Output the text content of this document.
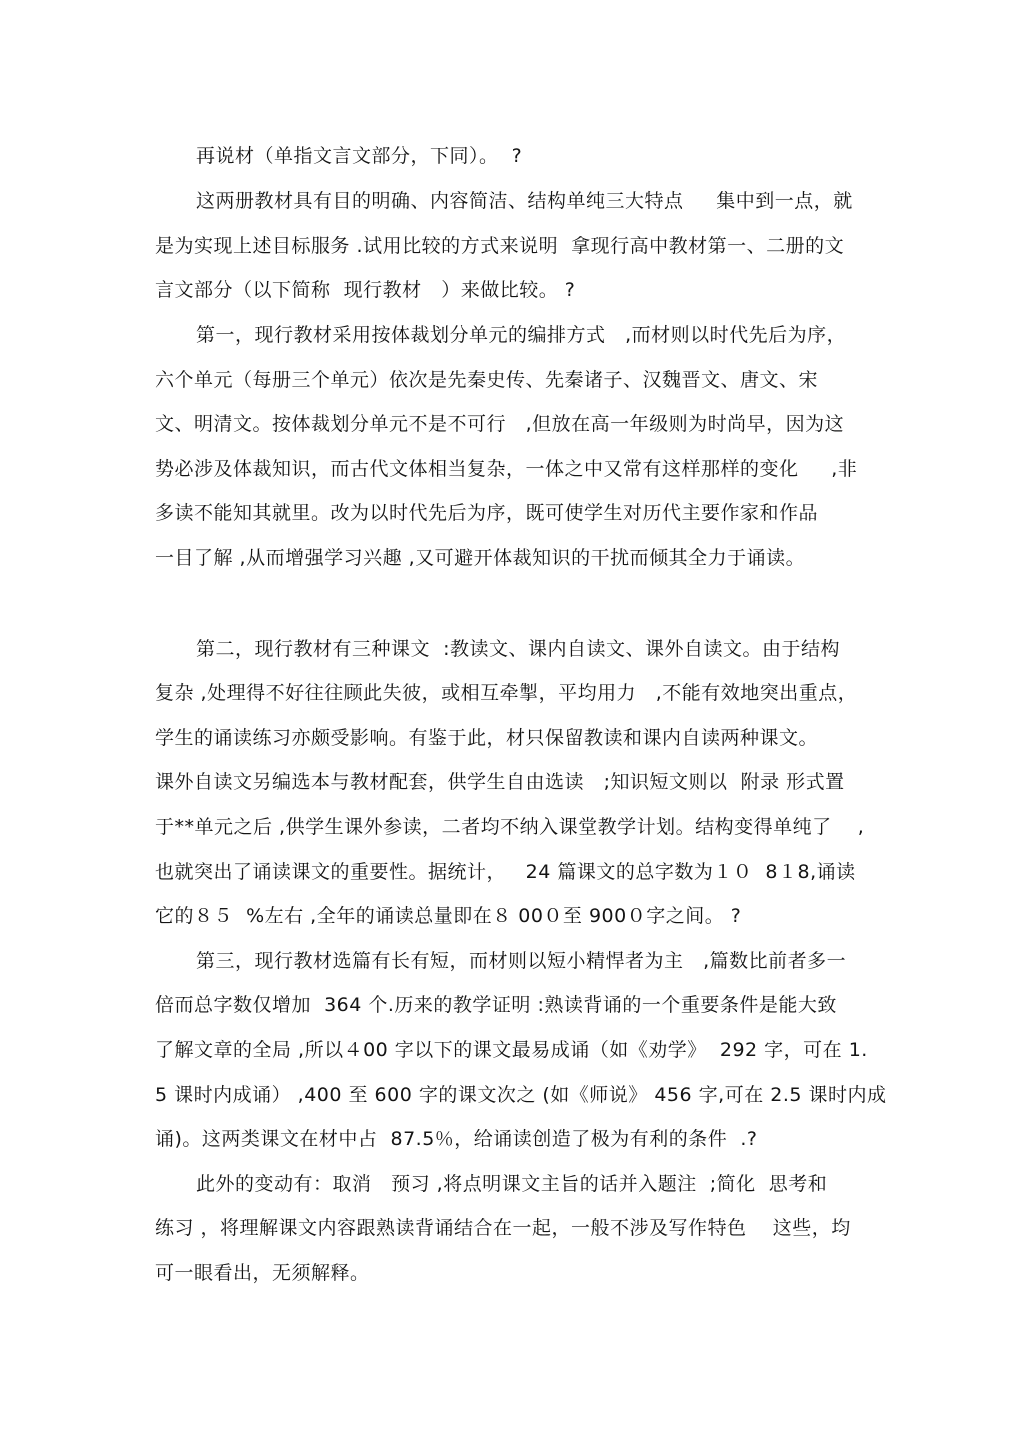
再说材（单指文言文部分，下同）。  ?
这两册教材具有目的明确、内容简洁、结构单纯三大特点     集中到一点，就
是为实现上述目标服务 .试用比较的方式来说明  拿现行高中教材第一、二册的文
言文部分（以下简称  现行教材   ）来做比较。 ?
第一，现行教材采用按体裁划分单元的编排方式   ,而材则以时代先后为序，
六个单元（每册三个单元）依次是先秦史传、先秦诸子、汉魏晋文、唐文、宋
文、明清文。按体裁划分单元不是不可行   ,但放在高一年级则为时尚早，因为这
势必涉及体裁知识，而古代文体相当复杂，一体之中又常有这样那样的变化     ,非
多读不能知其就里。改为以时代先后为序，既可使学生对历代主要作家和作品
一目了解 ,从而增强学习兴趣 ,又可避开体裁知识的干扰而倾其全力于诵读。
第二，现行教材有三种课文  :教读文、课内自读文、课外自读文。由于结构
复杂 ,处理得不好往往顾此失彼，或相互牵掣，平均用力   ,不能有效地突出重点，
学生的诵读练习亦颇受影响。有鉴于此，材只保留教读和课内自读两种课文。
课外自读文另编选本与教材配套，供学生自由选读   ;知识短文则以  附录 形式置
于**单元之后 ,供学生课外参读，二者均不纳入课堂教学计划。结构变得单纯了    ,
也就突出了诵读课文的重要性。据统计，   24 篇课文的总字数为１０  8１8,诵读
它的８５  %左右 ,全年的诵读总量即在８ 00０至 900０字之间。 ?
第三，现行教材选篇有长有短，而材则以短小精悍者为主   ,篇数比前者多一
倍而总字数仅增加  364 个.历来的教学证明 :熟读背诵的一个重要条件是能大致
了解文章的全局 ,所以４00 字以下的课文最易成诵（如《劝学》  292 字，可在 1.
5 课时内成诵） ,400 至 600 字的课文次之 (如《师说》 456 字,可在 2.5 课时内成
诵)。这两类课文在材中占  87.5％，给诵读创造了极为有利的条件  .?
此外的变动有：取消   预习 ,将点明课文主旨的话并入题注  ;简化  思考和
练习 ，将理解课文内容跟熟读背诵结合在一起，一般不涉及写作特色    这些，均
可一眼看出，无须解释。
